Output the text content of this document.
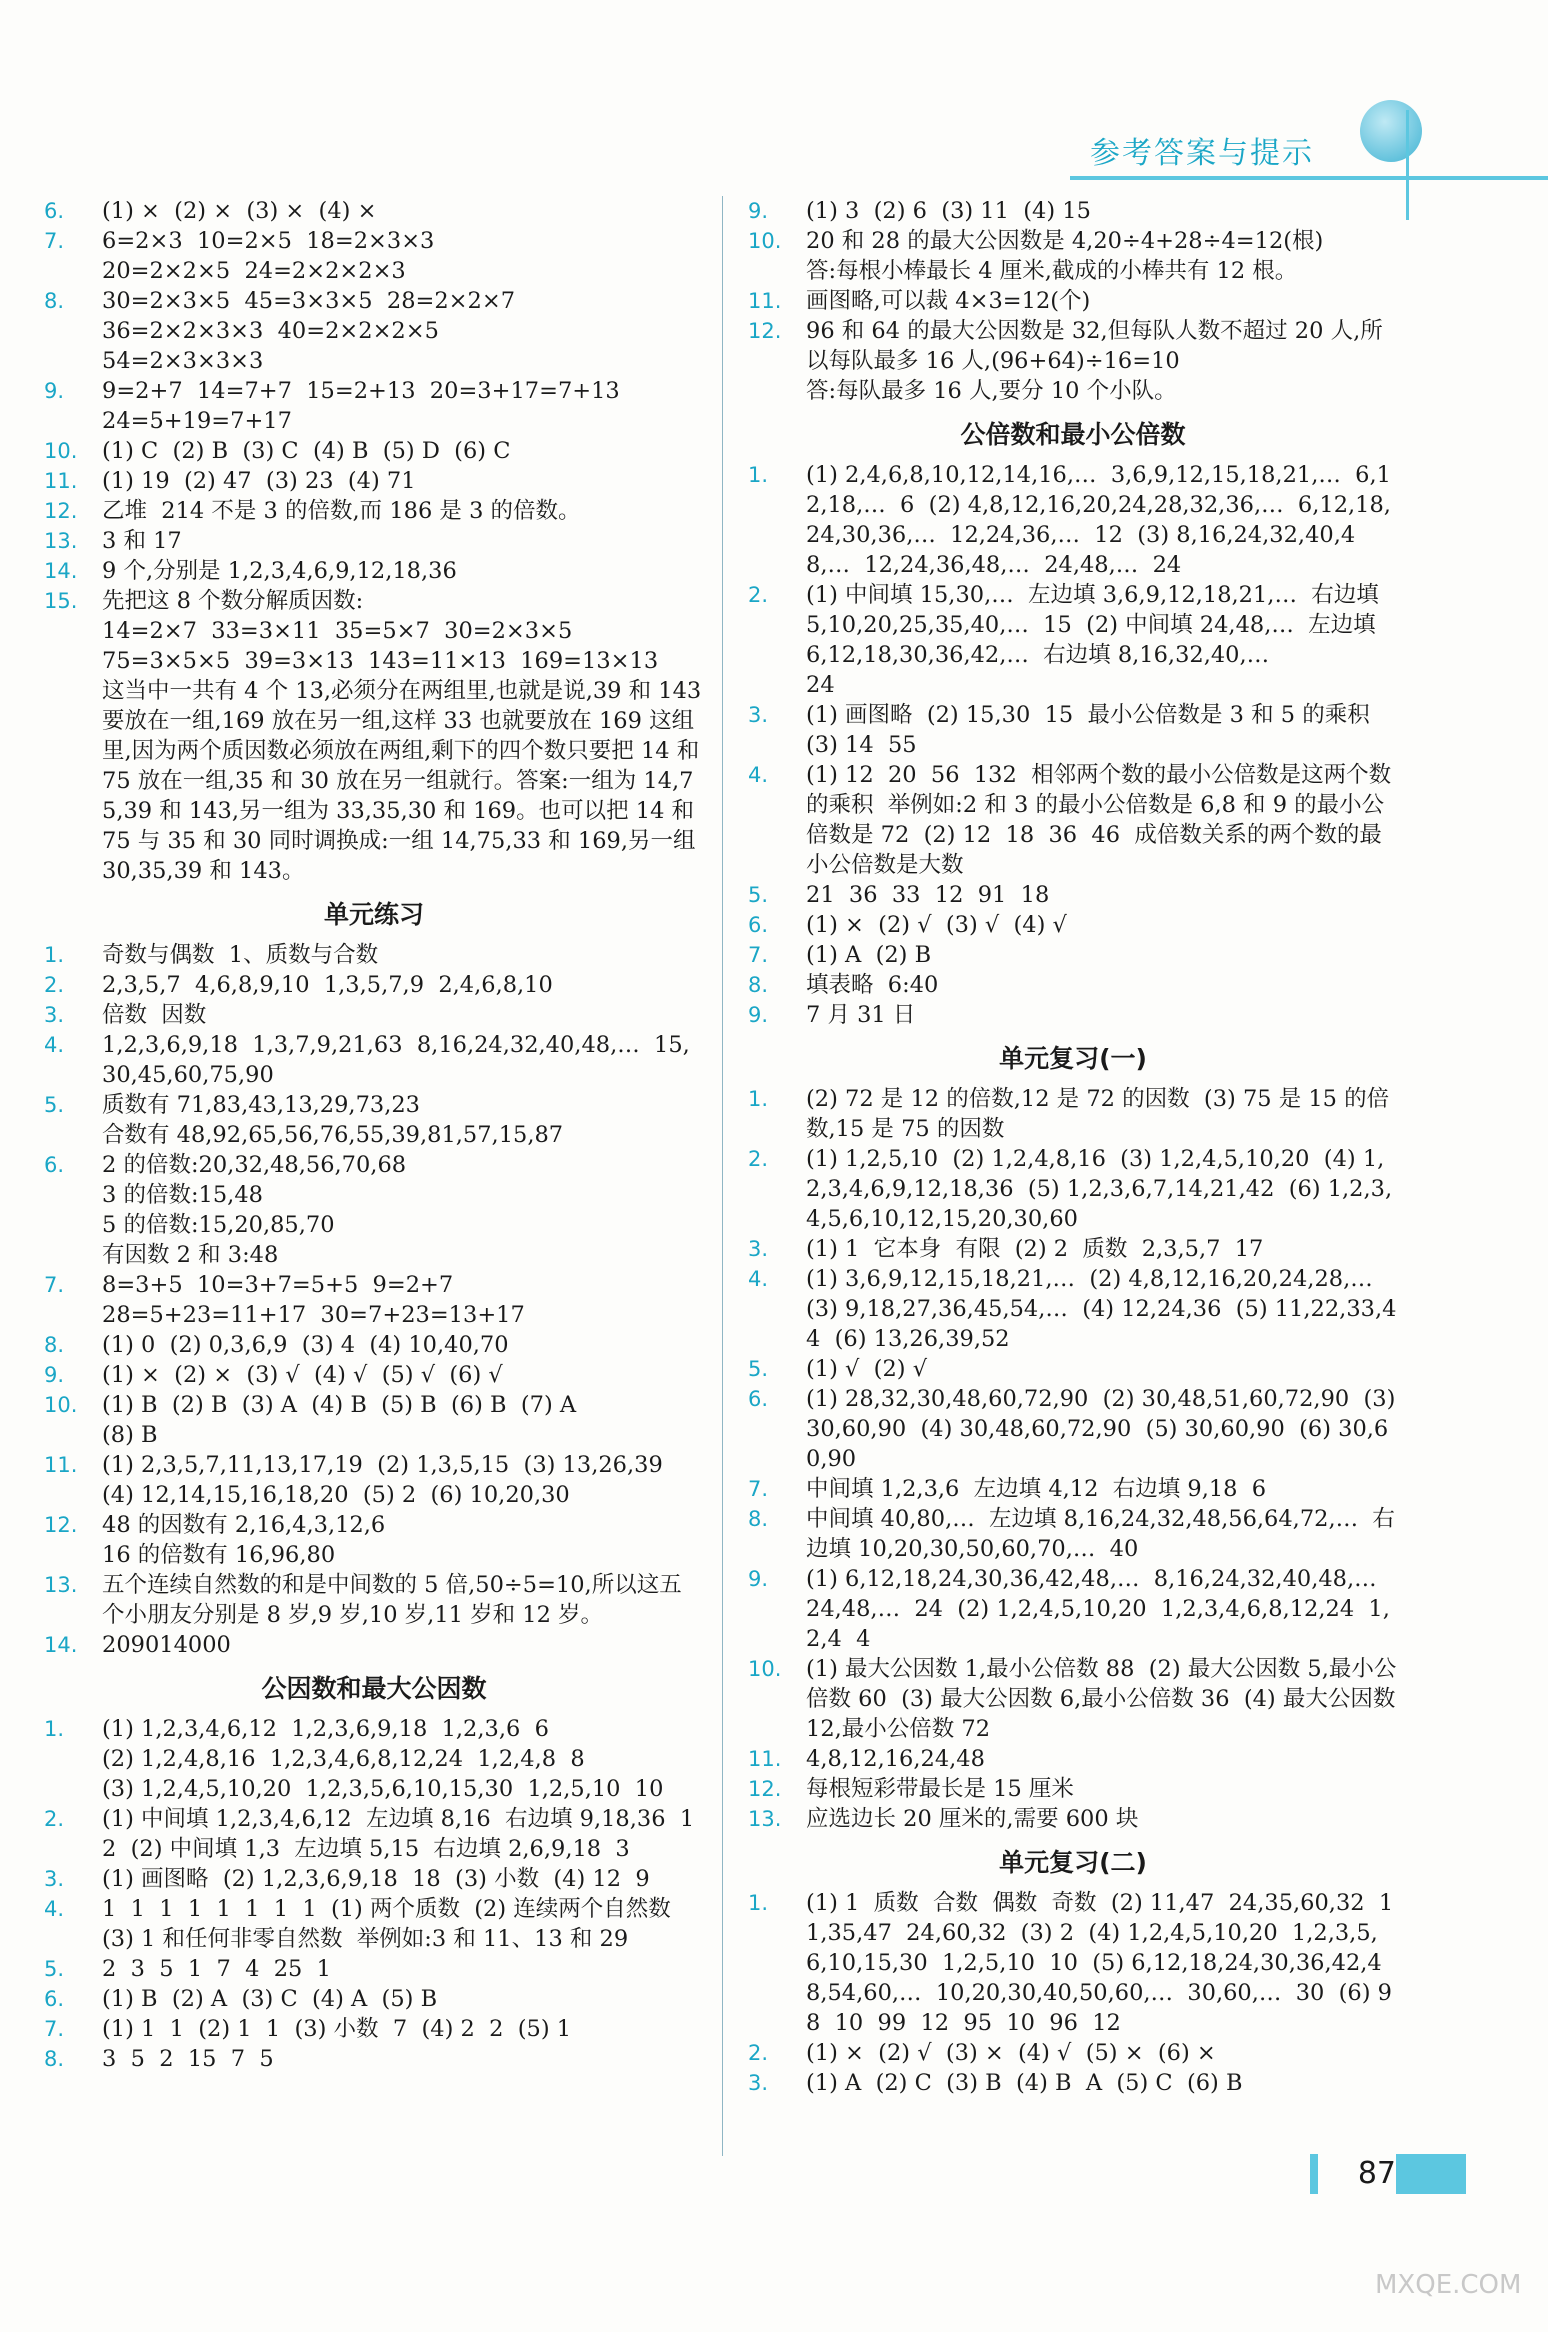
参考答案与提示
6.	(1) ×  (2) ×  (3) ×  (4) ×
7.	6=2×3  10=2×5  18=2×3×3
20=2×2×5  24=2×2×2×3
8.	30=2×3×5  45=3×3×5  28=2×2×7
36=2×2×3×3  40=2×2×2×5
54=2×3×3×3
9.	9=2+7  14=7+7  15=2+13  20=3+17=7+13
24=5+19=7+17
10.	(1) C  (2) B  (3) C  (4) B  (5) D  (6) C
11.	(1) 19  (2) 47  (3) 23  (4) 71
12.	乙堆  214 不是 3 的倍数,而 186 是 3 的倍数。
13.	3 和 17
14.	9 个,分别是 1,2,3,4,6,9,12,18,36
15.	先把这 8 个数分解质因数:
14=2×7  33=3×11  35=5×7  30=2×3×5
75=3×5×5  39=3×13  143=11×13  169=13×13
这当中一共有 4 个 13,必须分在两组里,也就是说,39 和 143 要放在一组,169 放在另一组,这样 33 也就要放在 169 这组里,因为两个质因数必须放在两组,剩下的四个数只要把 14 和 75 放在一组,35 和 30 放在另一组就行。答案:一组为 14,75,39 和 143,另一组为 33,35,30 和 169。也可以把 14 和 75 与 35 和 30 同时调换成:一组 14,75,33 和 169,另一组 30,35,39 和 143。
单元练习
1.	奇数与偶数  1、质数与合数
2.	2,3,5,7  4,6,8,9,10  1,3,5,7,9  2,4,6,8,10
3.	倍数  因数
4.	1,2,3,6,9,18  1,3,7,9,21,63  8,16,24,32,40,48,…  15,30,45,60,75,90
5.	质数有 71,83,43,13,29,73,23
合数有 48,92,65,56,76,55,39,81,57,15,87
6.	2 的倍数:20,32,48,56,70,68
3 的倍数:15,48
5 的倍数:15,20,85,70
有因数 2 和 3:48
7.	8=3+5  10=3+7=5+5  9=2+7
28=5+23=11+17  30=7+23=13+17
8.	(1) 0  (2) 0,3,6,9  (3) 4  (4) 10,40,70
9.	(1) ×  (2) ×  (3) √  (4) √  (5) √  (6) √
10.	(1) B  (2) B  (3) A  (4) B  (5) B  (6) B  (7) A
(8) B
11.	(1) 2,3,5,7,11,13,17,19  (2) 1,3,5,15  (3) 13,26,39  (4) 12,14,15,16,18,20  (5) 2  (6) 10,20,30
12.	48 的因数有 2,16,4,3,12,6
16 的倍数有 16,96,80
13.	五个连续自然数的和是中间数的 5 倍,50÷5=10,所以这五个小朋友分别是 8 岁,9 岁,10 岁,11 岁和 12 岁。
14.	209014000
公因数和最大公因数
1.	(1) 1,2,3,4,6,12  1,2,3,6,9,18  1,2,3,6  6
(2) 1,2,4,8,16  1,2,3,4,6,8,12,24  1,2,4,8  8
(3) 1,2,4,5,10,20  1,2,3,5,6,10,15,30  1,2,5,10  10
2.	(1) 中间填 1,2,3,4,6,12  左边填 8,16  右边填 9,18,36  12  (2) 中间填 1,3  左边填 5,15  右边填 2,6,9,18  3
3.	(1) 画图略  (2) 1,2,3,6,9,18  18  (3) 小数  (4) 12  9
4.	1  1  1  1  1  1  1  1  (1) 两个质数  (2) 连续两个自然数  (3) 1 和任何非零自然数  举例如:3 和 11、13 和 29
5.	2  3  5  1  7  4  25  1
6.	(1) B  (2) A  (3) C  (4) A  (5) B
7.	(1) 1  1  (2) 1  1  (3) 小数  7  (4) 2  2  (5) 1
8.	3  5  2  15  7  5
9.	(1) 3  (2) 6  (3) 11  (4) 15
10.	20 和 28 的最大公因数是 4,20÷4+28÷4=12(根)
答:每根小棒最长 4 厘米,截成的小棒共有 12 根。
11.	画图略,可以裁 4×3=12(个)
12.	96 和 64 的最大公因数是 32,但每队人数不超过 20 人,所以每队最多 16 人,(96+64)÷16=10
答:每队最多 16 人,要分 10 个小队。
公倍数和最小公倍数
1.	(1) 2,4,6,8,10,12,14,16,…  3,6,9,12,15,18,21,…  6,12,18,…  6  (2) 4,8,12,16,20,24,28,32,36,…  6,12,18,24,30,36,…  12,24,36,…  12  (3) 8,16,24,32,40,48,…  12,24,36,48,…  24,48,…  24
2.	(1) 中间填 15,30,…  左边填 3,6,9,12,18,21,…  右边填 5,10,20,25,35,40,…  15  (2) 中间填 24,48,…  左边填 6,12,18,30,36,42,…  右边填 8,16,32,40,…
24
3.	(1) 画图略  (2) 15,30  15  最小公倍数是 3 和 5 的乘积  (3) 14  55
4.	(1) 12  20  56  132  相邻两个数的最小公倍数是这两个数的乘积  举例如:2 和 3 的最小公倍数是 6,8 和 9 的最小公倍数是 72  (2) 12  18  36  46  成倍数关系的两个数的最小公倍数是大数
5.	21  36  33  12  91  18
6.	(1) ×  (2) √  (3) √  (4) √
7.	(1) A  (2) B
8.	填表略  6:40
9.	7 月 31 日
单元复习(一)
1.	(2) 72 是 12 的倍数,12 是 72 的因数  (3) 75 是 15 的倍数,15 是 75 的因数
2.	(1) 1,2,5,10  (2) 1,2,4,8,16  (3) 1,2,4,5,10,20  (4) 1,2,3,4,6,9,12,18,36  (5) 1,2,3,6,7,14,21,42  (6) 1,2,3,4,5,6,10,12,15,20,30,60
3.	(1) 1  它本身  有限  (2) 2  质数  2,3,5,7  17
4.	(1) 3,6,9,12,15,18,21,…  (2) 4,8,12,16,20,24,28,…  (3) 9,18,27,36,45,54,…  (4) 12,24,36  (5) 11,22,33,44  (6) 13,26,39,52
5.	(1) √  (2) √
6.	(1) 28,32,30,48,60,72,90  (2) 30,48,51,60,72,90  (3) 30,60,90  (4) 30,48,60,72,90  (5) 30,60,90  (6) 30,60,90
7.	中间填 1,2,3,6  左边填 4,12  右边填 9,18  6
8.	中间填 40,80,…  左边填 8,16,24,32,48,56,64,72,…  右边填 10,20,30,50,60,70,…  40
9.	(1) 6,12,18,24,30,36,42,48,…  8,16,24,32,40,48,…  24,48,…  24  (2) 1,2,4,5,10,20  1,2,3,4,6,8,12,24  1,2,4  4
10.	(1) 最大公因数 1,最小公倍数 88  (2) 最大公因数 5,最小公倍数 60  (3) 最大公因数 6,最小公倍数 36  (4) 最大公因数 12,最小公倍数 72
11.	4,8,12,16,24,48
12.	每根短彩带最长是 15 厘米
13.	应选边长 20 厘米的,需要 600 块
单元复习(二)
1.	(1) 1  质数  合数  偶数  奇数  (2) 11,47  24,35,60,32  11,35,47  24,60,32  (3) 2  (4) 1,2,4,5,10,20  1,2,3,5,6,10,15,30  1,2,5,10  10  (5) 6,12,18,24,30,36,42,48,54,60,…  10,20,30,40,50,60,…  30,60,…  30  (6) 98  10  99  12  95  10  96  12
2.	(1) ×  (2) √  (3) ×  (4) √  (5) ×  (6) ×
3.	(1) A  (2) C  (3) B  (4) B  A  (5) C  (6) B
87
MXQE.COM
